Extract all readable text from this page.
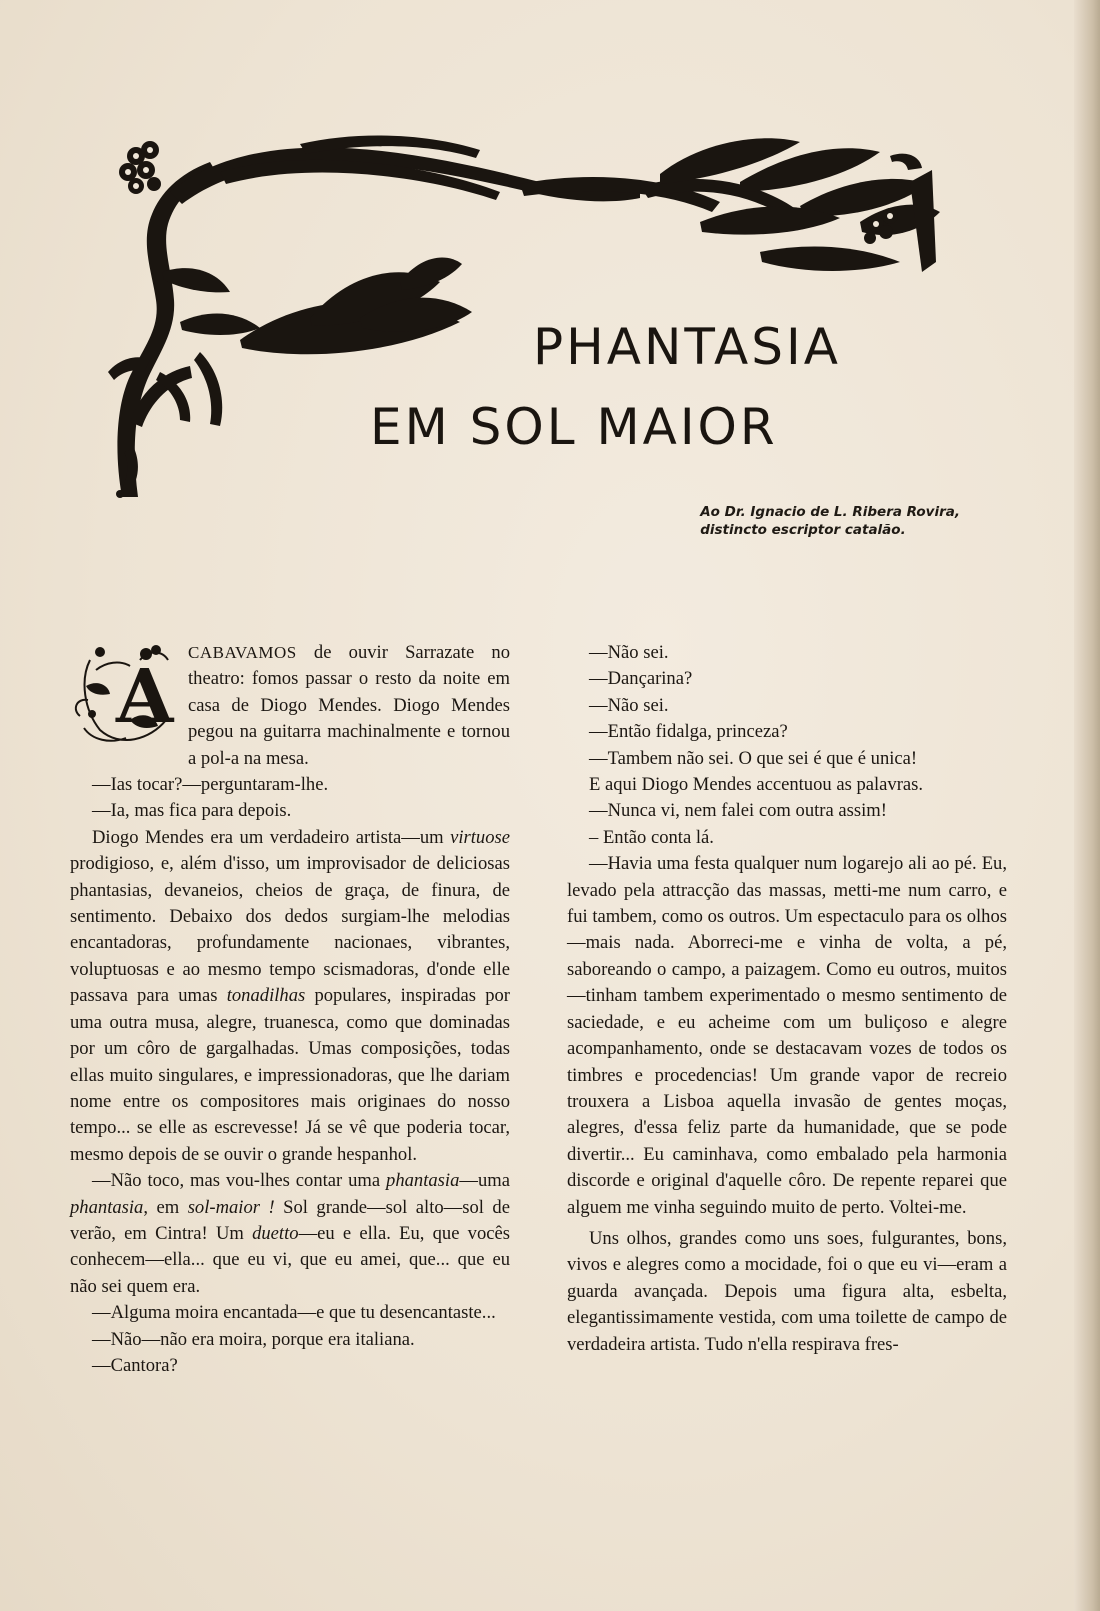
PHANTASIA
EM SOL MAIOR
Ao Dr. Ignacio de L. Ribera Rovira,
distincto escriptor catalão.
A

CABAVAMOS de ouvir Sarrazate no theatro: fomos passar o resto da noite em casa de Diogo Mendes. Diogo Mendes pegou na guitarra machinalmente e tornou a pol-a na mesa.

—Ias tocar?—perguntaram-lhe.

—Ia, mas fica para depois.

Diogo Mendes era um verdadeiro artista—um virtuose prodigioso, e, além d'isso, um improvisador de deliciosas phantasias, devaneios, cheios de graça, de finura, de sentimento. Debaixo dos dedos surgiam-lhe melodias encantadoras, profundamente nacionaes, vibrantes, voluptuosas e ao mesmo tempo scismadoras, d'onde elle passava para umas tonadilhas populares, inspiradas por uma outra musa, alegre, truanesca, como que dominadas por um côro de gargalhadas. Umas composições, todas ellas muito singulares, e impressionadoras, que lhe dariam nome entre os compositores mais originaes do nosso tempo... se elle as escrevesse! Já se vê que poderia tocar, mesmo depois de se ouvir o grande hespanhol.

—Não toco, mas vou-lhes contar uma phantasia—uma phantasia, em sol-maior ! Sol grande—sol alto—sol de verão, em Cintra! Um duetto—eu e ella. Eu, que vocês conhecem—ella... que eu vi, que eu amei, que... que eu não sei quem era.

—Alguma moira encantada—e que tu desencantaste...

—Não—não era moira, porque era italiana.

—Cantora?

—Não sei.

—Dançarina?

—Não sei.

—Então fidalga, princeza?

—Tambem não sei. O que sei é que é unica!

E aqui Diogo Mendes accentuou as palavras.

—Nunca vi, nem falei com outra assim!

– Então conta lá.

—Havia uma festa qualquer num logarejo ali ao pé. Eu, levado pela attracção das massas, metti-me num carro, e fui tambem, como os outros. Um espectaculo para os olhos—mais nada. Aborreci-me e vinha de volta, a pé, saboreando o campo, a paizagem. Como eu outros, muitos—tinham tambem experimentado o mesmo sentimento de saciedade, e eu acheime com um buliçoso e alegre acompanhamento, onde se destacavam vozes de todos os timbres e procedencias! Um grande vapor de recreio trouxera a Lisboa aquella invasão de gentes moças, alegres, d'essa feliz parte da humanidade, que se pode divertir... Eu caminhava, como embalado pela harmonia discorde e original d'aquelle côro. De repente reparei que alguem me vinha seguindo muito de perto. Voltei-me.

Uns olhos, grandes como uns soes, fulgurantes, bons, vivos e alegres como a mocidade, foi o que eu vi—eram a guarda avançada. Depois uma figura alta, esbelta, elegantissimamente vestida, com uma toilette de campo de verdadeira artista. Tudo n'ella respirava fres-
